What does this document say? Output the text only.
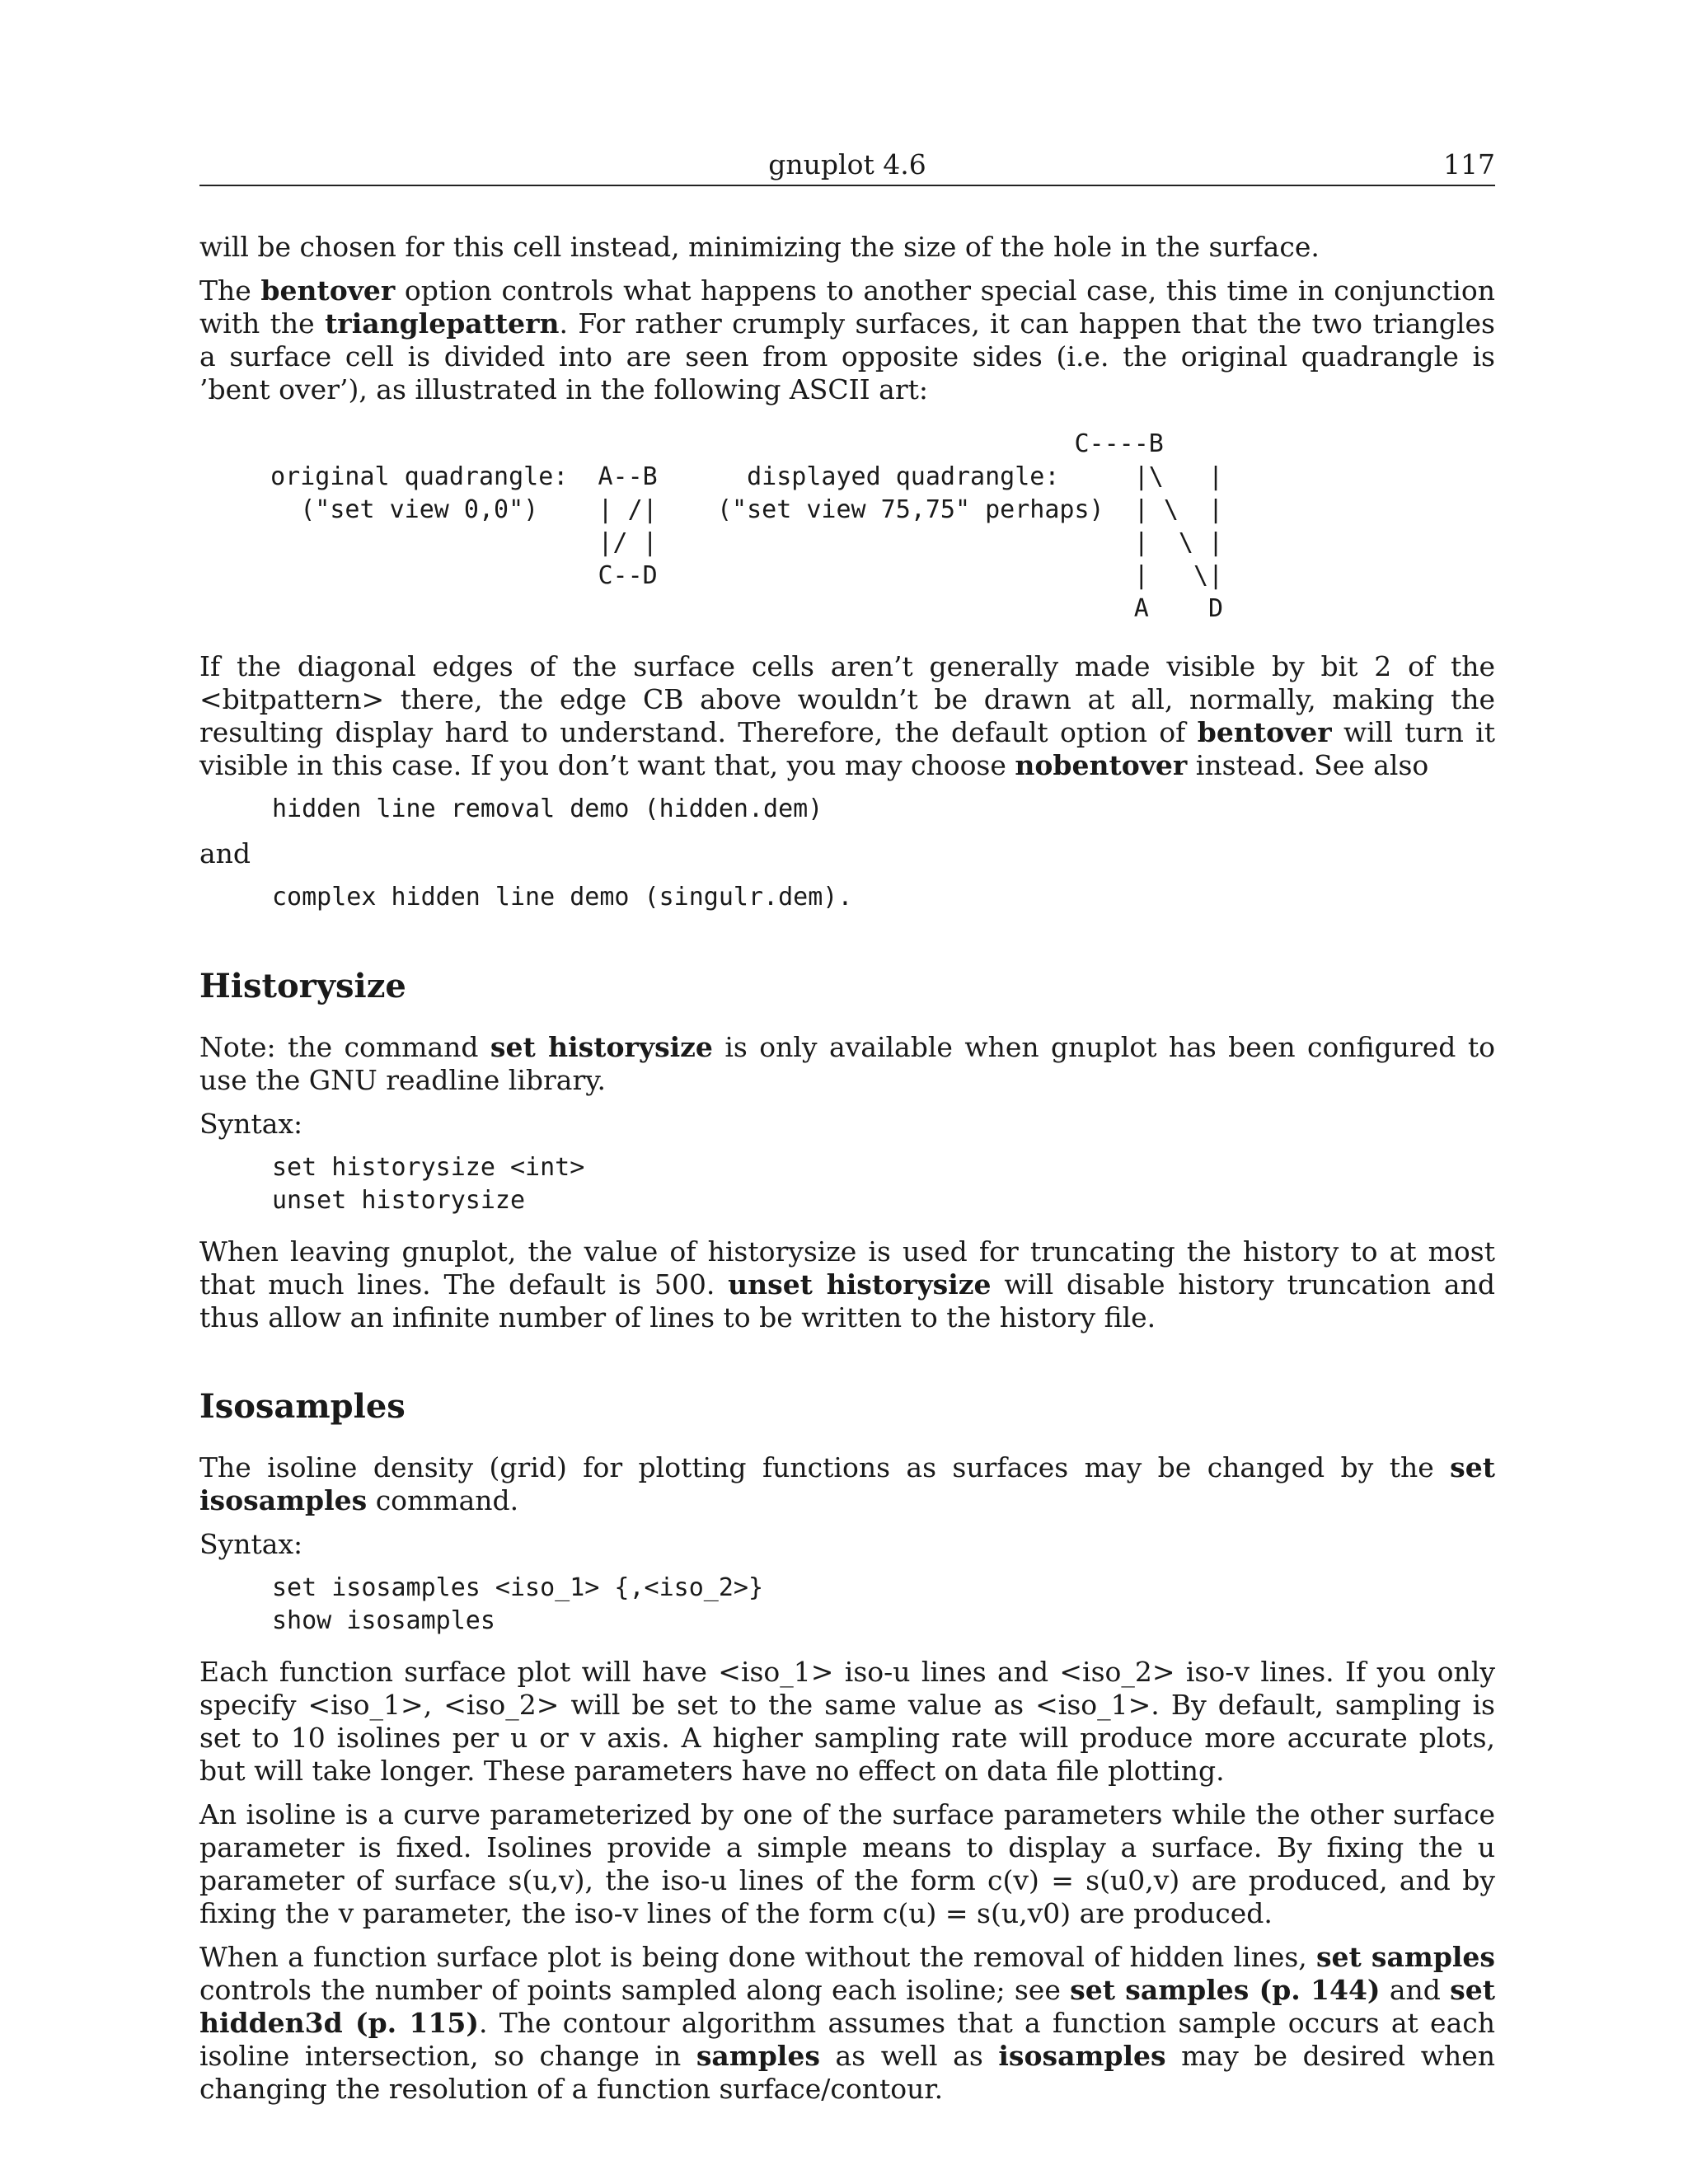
gnuplot 4.6	117

will be chosen for this cell instead, minimizing the size of the hole in the surface.

The bentover option controls what happens to another special case, this time in conjunction with the trianglepattern. For rather crumply surfaces, it can happen that the two triangles a surface cell is divided into are seen from opposite sides (i.e. the original quadrangle is ’bent over’), as illustrated in the following ASCII art:

C----B
original quadrangle:  A--B      displayed quadrangle:     |\   |
("set view 0,0")    | /|    ("set view 75,75" perhaps)  | \  |
|/ |                                |  \ |
C--D                                |   \|
A    D

If the diagonal edges of the surface cells aren’t generally made visible by bit 2 of the <bitpattern> there, the edge CB above wouldn’t be drawn at all, normally, making the resulting display hard to understand. Therefore, the default option of bentover will turn it visible in this case. If you don’t want that, you may choose nobentover instead. See also

hidden line removal demo (hidden.dem)

and

complex hidden line demo (singulr.dem).
Historysize

Note: the command set historysize is only available when gnuplot has been configured to use the GNU readline library.

Syntax:

set historysize <int>
unset historysize

When leaving gnuplot, the value of historysize is used for truncating the history to at most that much lines. The default is 500. unset historysize will disable history truncation and thus allow an infinite number of lines to be written to the history file.

Isosamples

The isoline density (grid) for plotting functions as surfaces may be changed by the set isosamples command.

Syntax:

set isosamples <iso_1> {,<iso_2>}
show isosamples

Each function surface plot will have <iso_1> iso-u lines and <iso_2> iso-v lines. If you only specify <iso_1>, <iso_2> will be set to the same value as <iso_1>. By default, sampling is set to 10 isolines per u or v axis. A higher sampling rate will produce more accurate plots, but will take longer. These parameters have no effect on data file plotting.

An isoline is a curve parameterized by one of the surface parameters while the other surface parameter is fixed. Isolines provide a simple means to display a surface. By fixing the u parameter of surface s(u,v), the iso-u lines of the form c(v) = s(u0,v) are produced, and by fixing the v parameter, the iso-v lines of the form c(u) = s(u,v0) are produced.

When a function surface plot is being done without the removal of hidden lines, set samples controls the number of points sampled along each isoline; see set samples (p. 144) and set hidden3d (p. 115). The contour algorithm assumes that a function sample occurs at each isoline intersection, so change in samples as well as isosamples may be desired when changing the resolution of a function surface/contour.
